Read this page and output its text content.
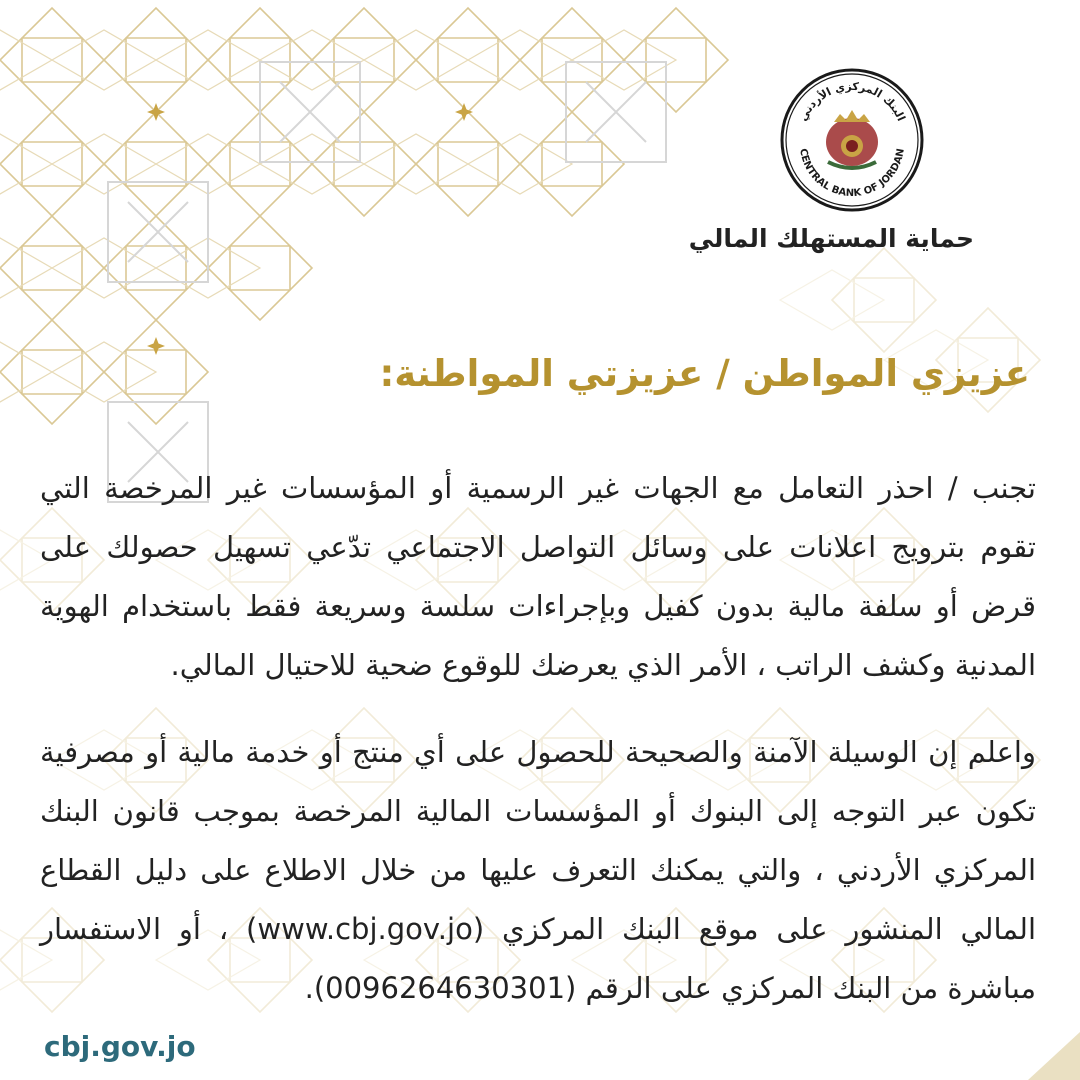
البنك المركزي الأردني
CENTRAL BANK OF JORDAN
حماية المستهلك المالي
عزيزي المواطن / عزيزتي المواطنة:

تجنب / احذر التعامل مع الجهات غير الرسمية أو المؤسسات غير المرخصة التي تقوم بترويج اعلانات على وسائل التواصل الاجتماعي تدّعي تسهيل حصولك على قرض أو سلفة مالية بدون كفيل وبإجراءات سلسة وسريعة فقط باستخدام الهوية المدنية وكشف الراتب ، الأمر الذي يعرضك للوقوع ضحية للاحتيال المالي.

واعلم إن الوسيلة الآمنة والصحيحة للحصول على أي منتج أو خدمة مالية أو مصرفية تكون عبر التوجه إلى البنوك أو المؤسسات المالية المرخصة بموجب قانون البنك المركزي الأردني ، والتي يمكنك التعرف عليها من خلال الاطلاع على دليل القطاع المالي المنشور على موقع البنك المركزي (www.cbj.gov.jo) ، أو الاستفسار مباشرة من البنك المركزي على الرقم (0096264630301).

cbj.gov.jo
